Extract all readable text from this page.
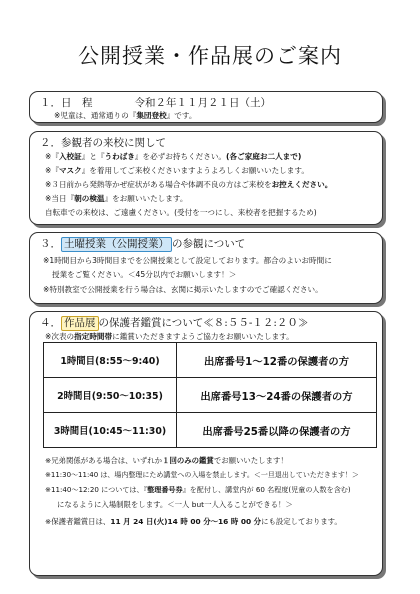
公開授業・作品展のご案内
１．日　程　　　　令和２年１１月２１日（土）
※児童は、通常通りの『集団登校』です。
２．参観者の来校に関して
※『入校証』と『うわばき』を必ずお持ちください。(各ご家庭お二人まで)
※『マスク』を着用してご来校くださいますようよろしくお願いいたします。
※３日前から発熱等かぜ症状がある場合や体調不良の方はご来校をお控えください。
※当日『朝の検温』をお願いいたします。
自転車での来校は、ご遠慮ください。(受付を一つにし、来校者を把握するため)
３． 土曜授業（公開授業） の参観について
※1時間目から3時間目までを公開授業として設定しております。都合のよいお時間に
授業をご覧ください。＜45分以内でお願いします！＞
※特別教室で公開授業を行う場合は、玄関に掲示いたしますのでご確認ください。
４． 作品展 の保護者鑑賞について≪８:５５-１２:２０≫
※次表の指定時間帯に鑑賞いただきますようご協力をお願いいたします。
※兄弟関係がある場合は、いずれか１回のみの鑑賞でお願いいたします！
※11:30〜11:40 は、場内整理にため講堂への入場を禁止します。＜一旦退出していただきます！＞
※11:40〜12:20 については、『整理番号券』を配付し、講堂内が 60 名程度(児童の人数を含む)
になるように入場制限をします。＜一人 but一人入ることができる！＞
※保護者鑑賞日は、11 月 24 日(火)14 時 00 分〜16 時 00 分にも設定しております。
1時間目(8:55〜9:40)	出席番号1〜12番の保護者の方
2時間目(9:50〜10:35)	出席番号13〜24番の保護者の方
3時間目(10:45〜11:30)	出席番号25番以降の保護者の方
